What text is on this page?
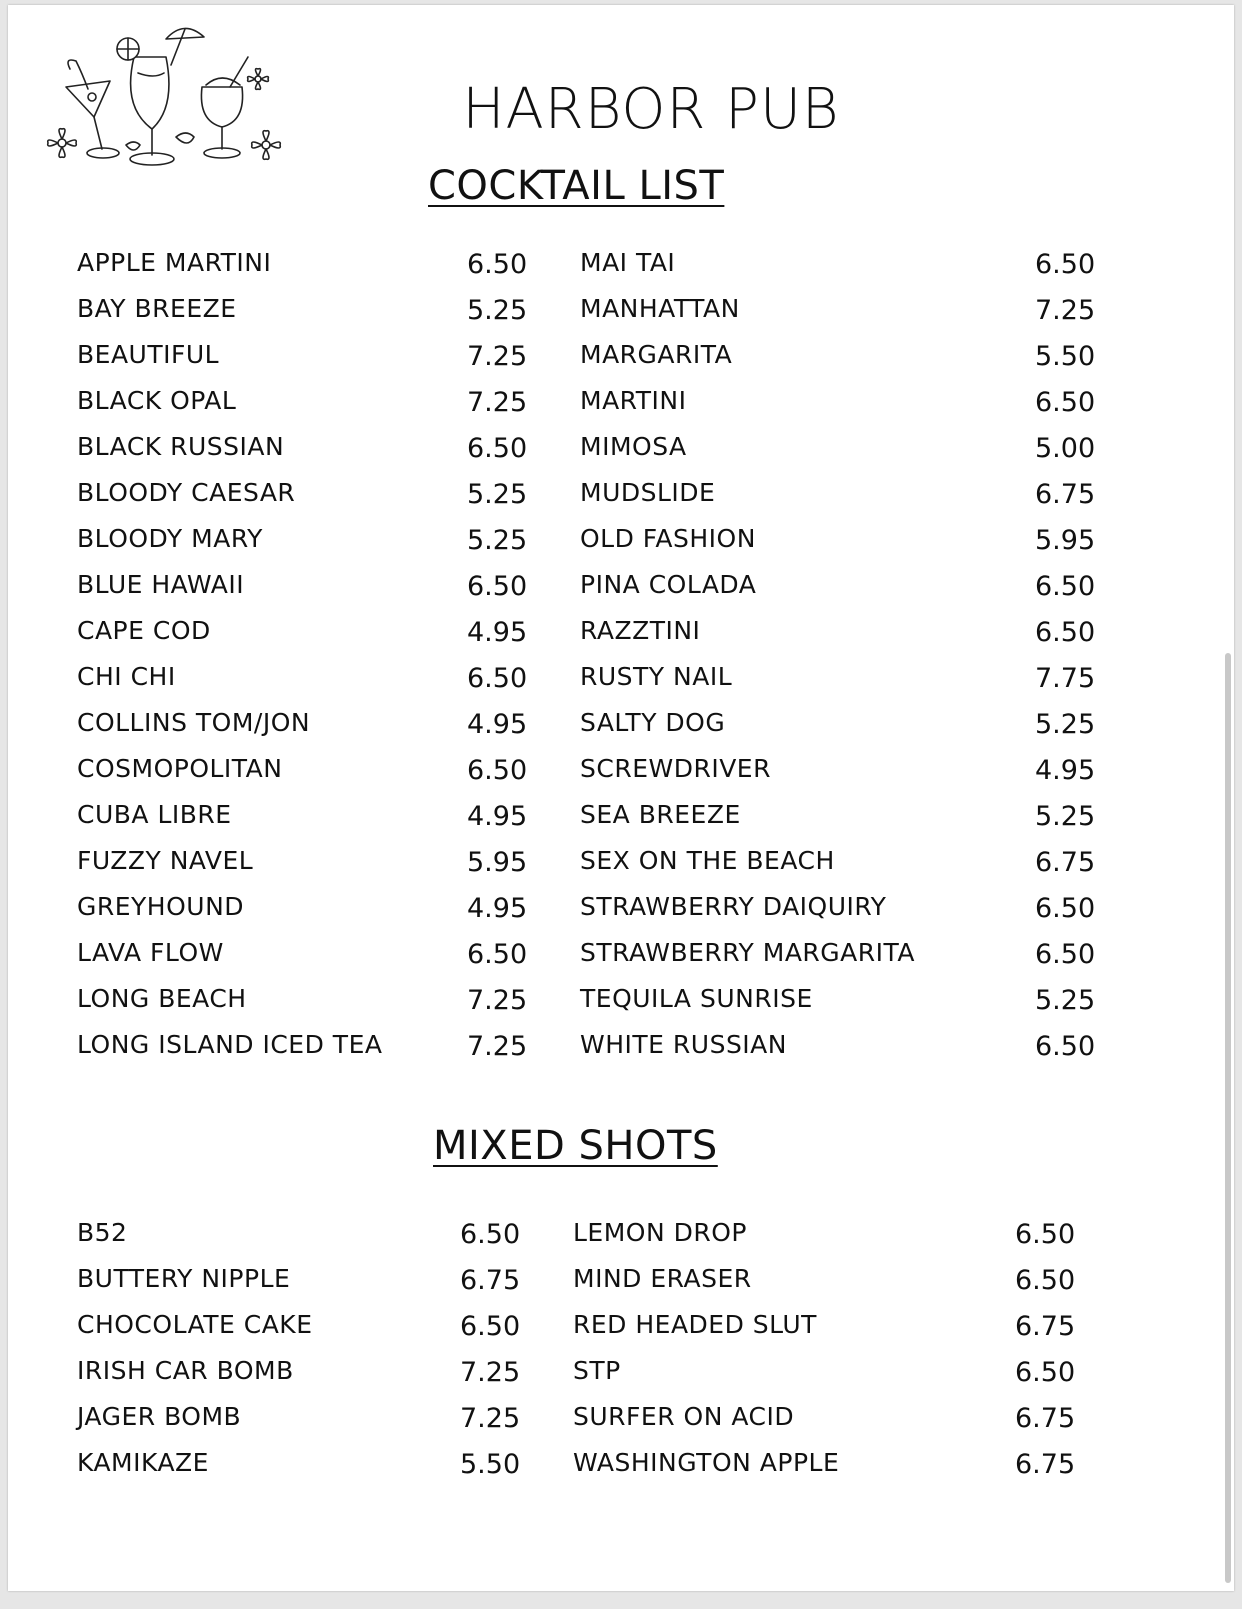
HARBOR PUB
COCKTAIL LIST
APPLE MARTINI	6.50
BAY BREEZE	5.25
BEAUTIFUL	7.25
BLACK OPAL	7.25
BLACK RUSSIAN	6.50
BLOODY CAESAR	5.25
BLOODY MARY	5.25
BLUE HAWAII	6.50
CAPE COD	4.95
CHI CHI	6.50
COLLINS TOM/JON	4.95
COSMOPOLITAN	6.50
CUBA LIBRE	4.95
FUZZY NAVEL	5.95
GREYHOUND	4.95
LAVA FLOW	6.50
LONG BEACH	7.25
LONG ISLAND ICED TEA	7.25
MAI TAI	6.50
MANHATTAN	7.25
MARGARITA	5.50
MARTINI	6.50
MIMOSA	5.00
MUDSLIDE	6.75
OLD FASHION	5.95
PINA COLADA	6.50
RAZZTINI	6.50
RUSTY NAIL	7.75
SALTY DOG	5.25
SCREWDRIVER	4.95
SEA BREEZE	5.25
SEX ON THE BEACH	6.75
STRAWBERRY DAIQUIRY	6.50
STRAWBERRY MARGARITA	6.50
TEQUILA SUNRISE	5.25
WHITE RUSSIAN	6.50
MIXED SHOTS
B52	6.50
BUTTERY NIPPLE	6.75
CHOCOLATE CAKE	6.50
IRISH CAR BOMB	7.25
JAGER BOMB	7.25
KAMIKAZE	5.50
LEMON DROP	6.50
MIND ERASER	6.50
RED HEADED SLUT	6.75
STP	6.50
SURFER ON ACID	6.75
WASHINGTON APPLE	6.75
